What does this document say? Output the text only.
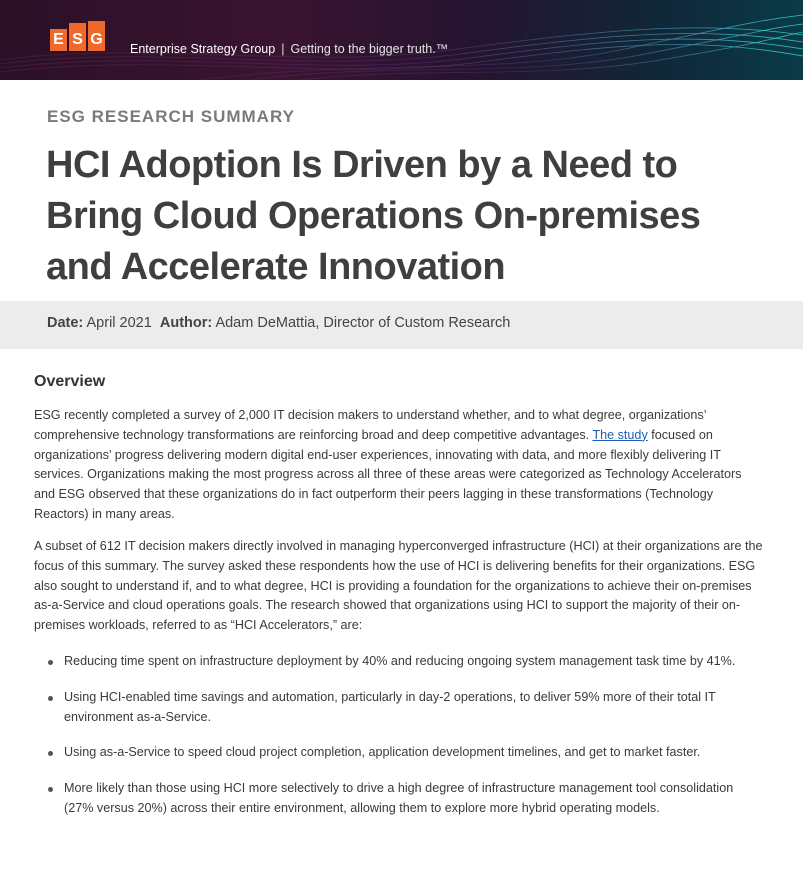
E S G
Enterprise Strategy Group | Getting to the bigger truth.™
ESG RESEARCH SUMMARY
HCI Adoption Is Driven by a Need to Bring Cloud Operations On-premises and Accelerate Innovation
Date: April 2021 Author: Adam DeMattia, Director of Custom Research
Overview

ESG recently completed a survey of 2,000 IT decision makers to understand whether, and to what degree, organizations’ comprehensive technology transformations are reinforcing broad and deep competitive advantages. The study focused on organizations’ progress delivering modern digital end-user experiences, innovating with data, and more flexibly delivering IT services. Organizations making the most progress across all three of these areas were categorized as Technology Accelerators and ESG observed that these organizations do in fact outperform their peers lagging in these transformations (Technology Reactors) in many areas.

A subset of 612 IT decision makers directly involved in managing hyperconverged infrastructure (HCI) at their organizations are the focus of this summary. The survey asked these respondents how the use of HCI is delivering benefits for their organizations. ESG also sought to understand if, and to what degree, HCI is providing a foundation for the organizations to achieve their on-premises as-a-Service and cloud operations goals. The research showed that organizations using HCI to support the majority of their on-premises workloads, referred to as “HCI Accelerators,” are:

Reducing time spent on infrastructure deployment by 40% and reducing ongoing system management task time by 41%.
Using HCI-enabled time savings and automation, particularly in day-2 operations, to deliver 59% more of their total IT environment as-a-Service.
Using as-a-Service to speed cloud project completion, application development timelines, and get to market faster.
More likely than those using HCI more selectively to drive a high degree of infrastructure management tool consolidation (27% versus 20%) across their entire environment, allowing them to explore more hybrid operating models.
